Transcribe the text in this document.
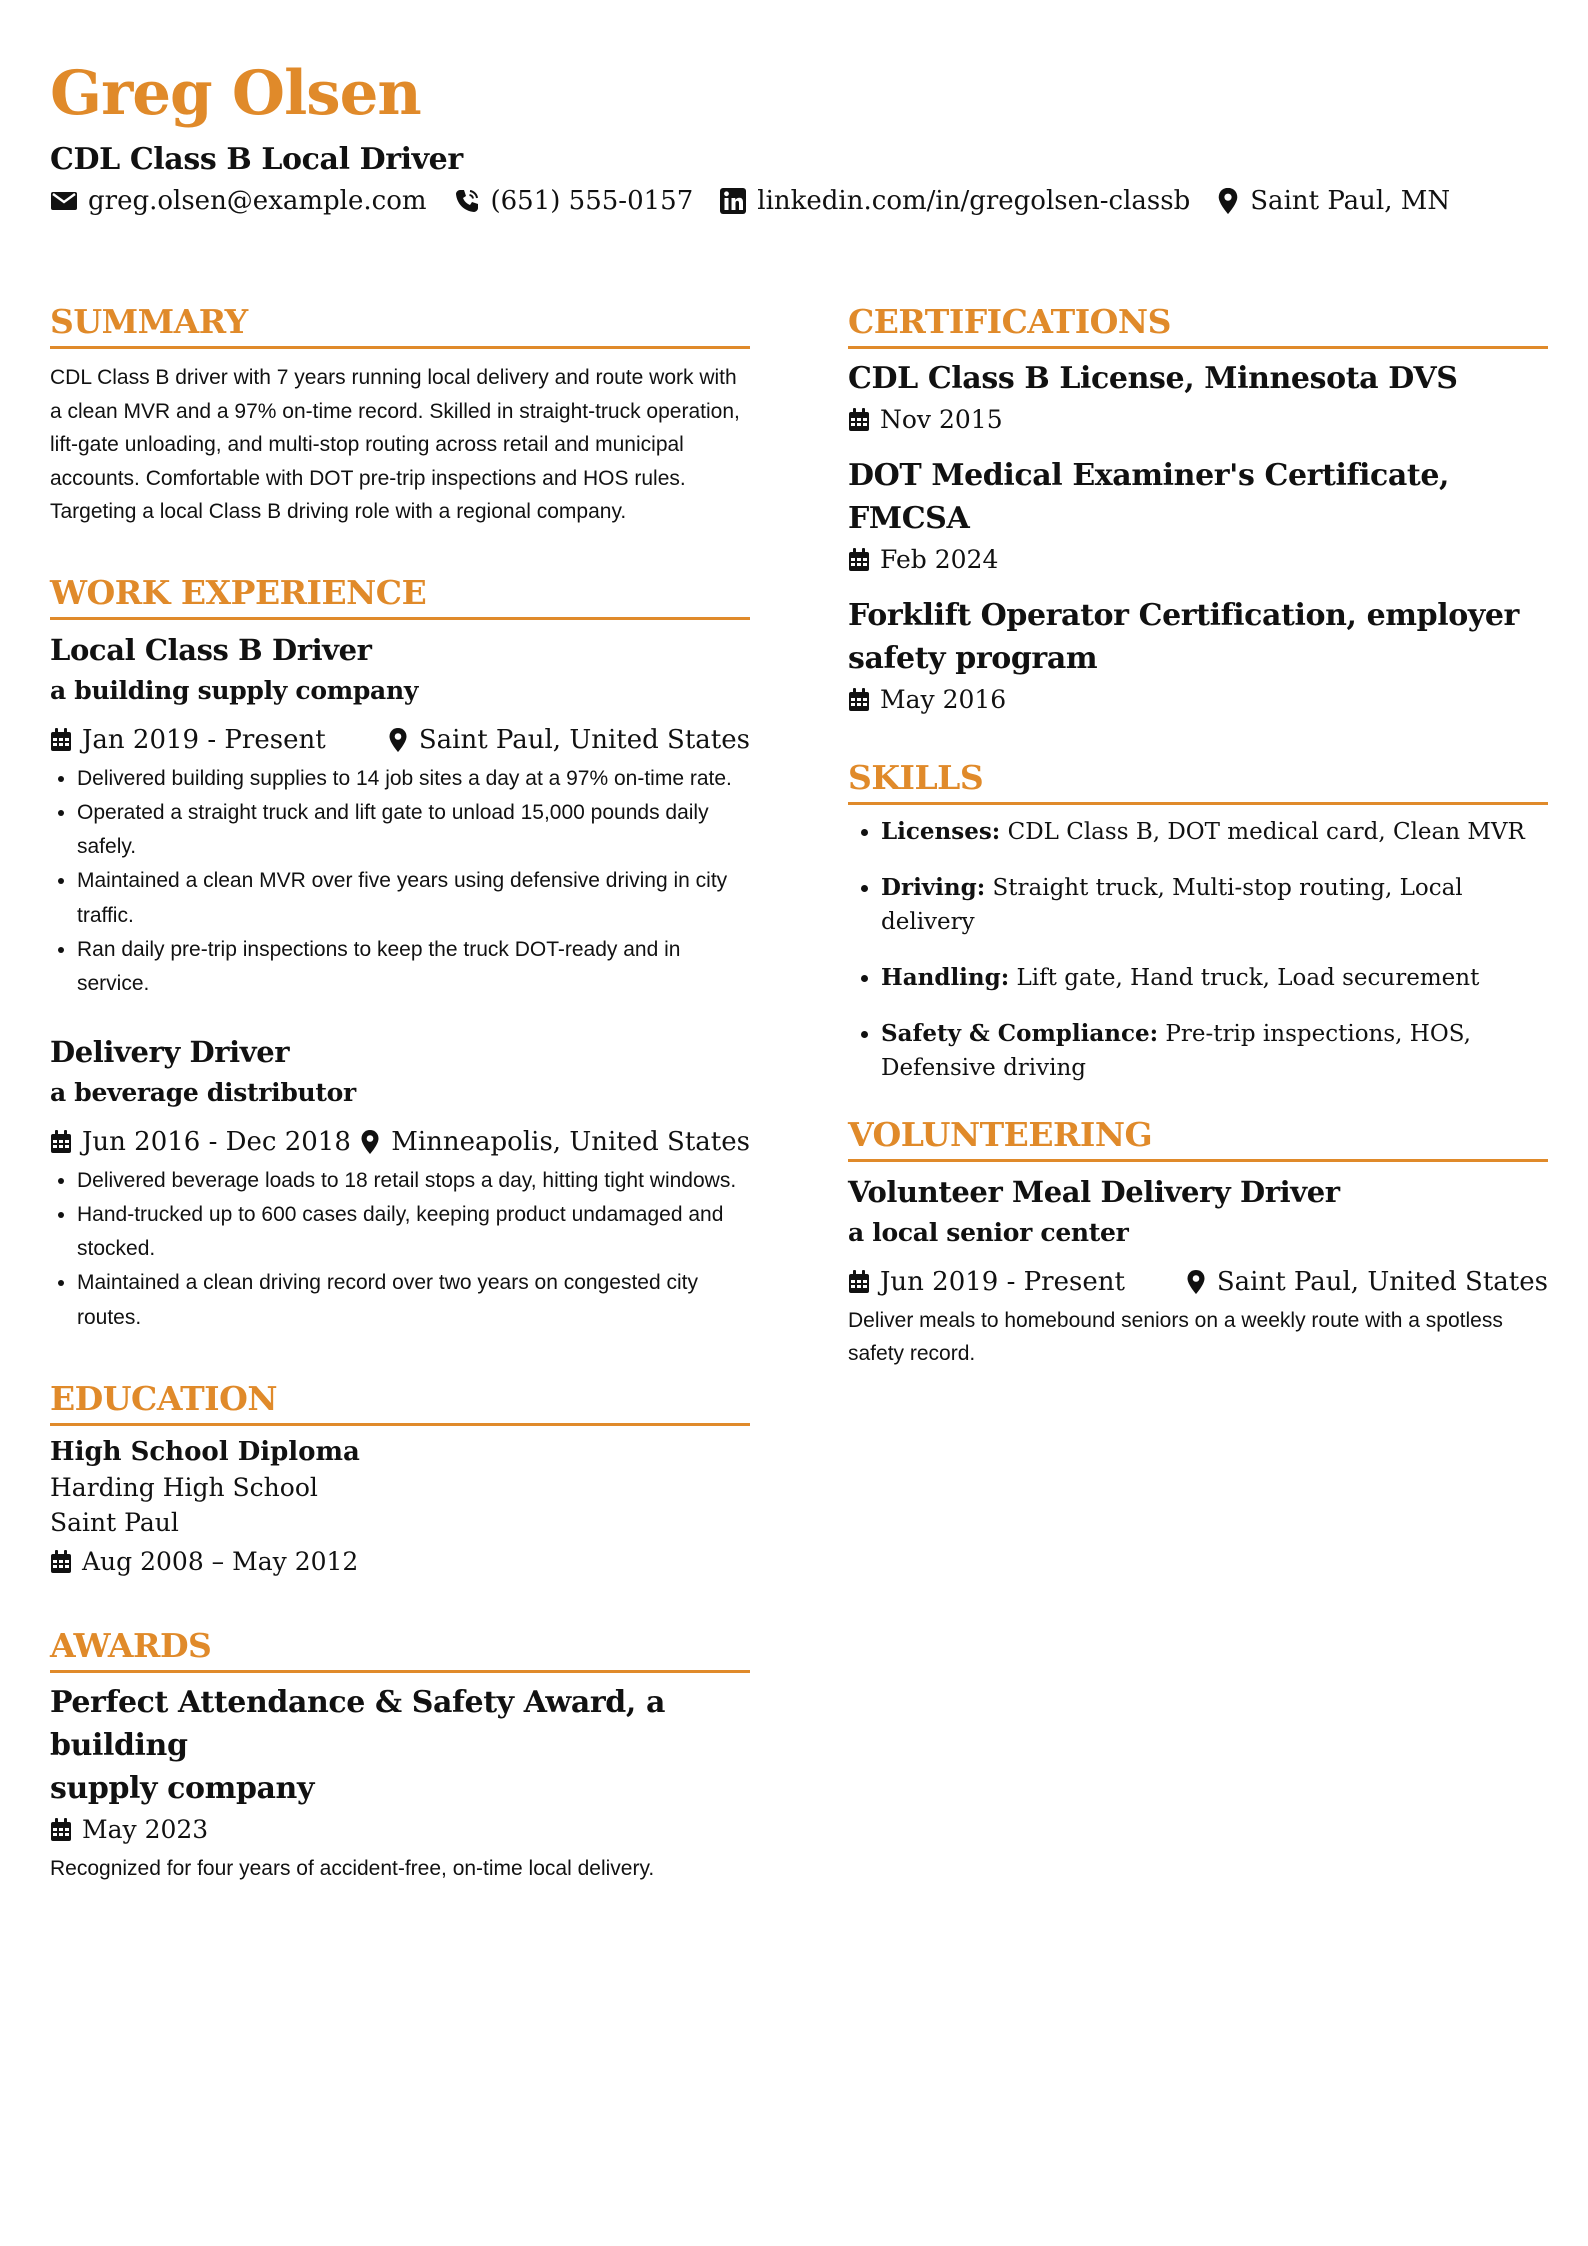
Greg Olsen
CDL Class B Local Driver
greg.olsen@example.com (651) 555-0157 linkedin.com/in/gregolsen-classb Saint Paul, MN
SUMMARY
CDL Class B driver with 7 years running local delivery and route work with a clean MVR and a 97% on-time record. Skilled in straight-truck operation, lift-gate unloading, and multi-stop routing across retail and municipal accounts. Comfortable with DOT pre-trip inspections and HOS rules. Targeting a local Class B driving role with a regional company.
WORK EXPERIENCE
Local Class B Driver
a building supply company
Jan 2019 - Present	Saint Paul, United States
• Delivered building supplies to 14 job sites a day at a 97% on-time rate.
• Operated a straight truck and lift gate to unload 15,000 pounds daily safely.
• Maintained a clean MVR over five years using defensive driving in city traffic.
• Ran daily pre-trip inspections to keep the truck DOT-ready and in service.
Delivery Driver
a beverage distributor
Jun 2016 - Dec 2018 Minneapolis, United States
• Delivered beverage loads to 18 retail stops a day, hitting tight windows.
• Hand-trucked up to 600 cases daily, keeping product undamaged and stocked.
• Maintained a clean driving record over two years on congested city routes.
EDUCATION
High School Diploma
Harding High School
Saint Paul
Aug 2008 – May 2012
AWARDS
Perfect Attendance & Safety Award, a building
supply company
May 2023
Recognized for four years of accident-free, on-time local delivery.
CERTIFICATIONS
CDL Class B License, Minnesota DVS
Nov 2015
DOT Medical Examiner's Certificate, FMCSA
Feb 2024
Forklift Operator Certification, employer safety program
May 2016
SKILLS
• Licenses: CDL Class B, DOT medical card, Clean MVR
• Driving: Straight truck, Multi-stop routing, Local delivery
• Handling: Lift gate, Hand truck, Load securement
• Safety & Compliance: Pre-trip inspections, HOS, Defensive driving
VOLUNTEERING
Volunteer Meal Delivery Driver
a local senior center
Jun 2019 - Present	Saint Paul, United States
Deliver meals to homebound seniors on a weekly route with a spotless safety record.
